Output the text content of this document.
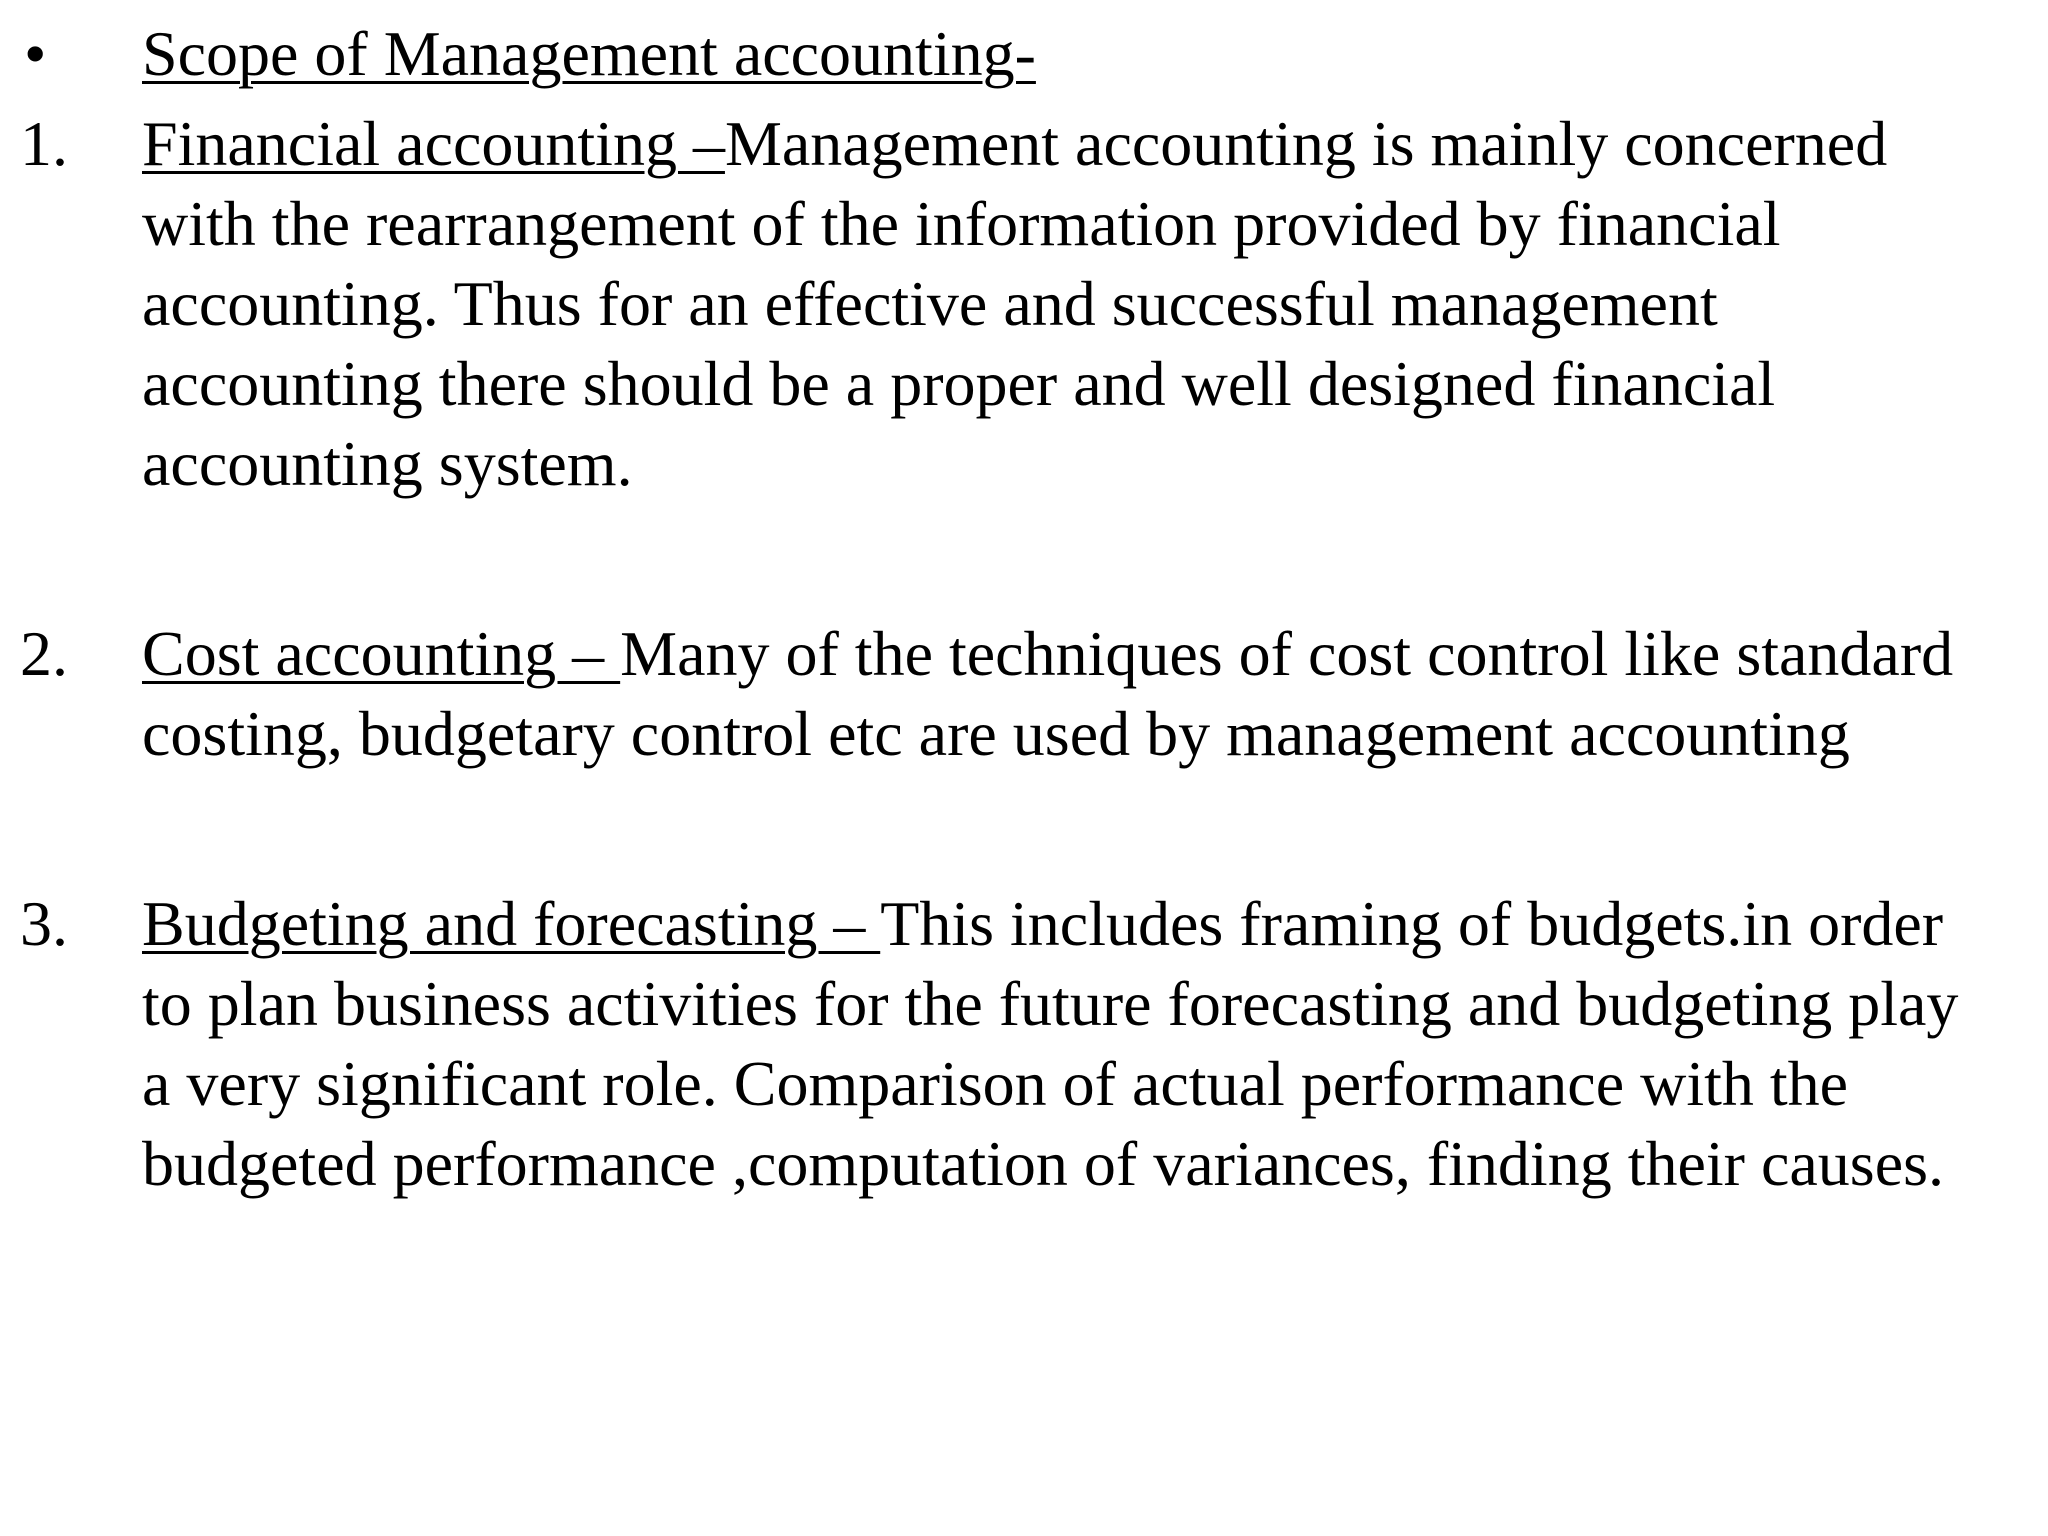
• Scope of Management accounting-
1. Financial accounting –Management accounting is mainly concerned
with the rearrangement of the information provided by financial
accounting. Thus for an effective and successful management
accounting there should be a proper and well designed financial
accounting system.
2. Cost accounting – Many of the techniques of cost control like standard
costing, budgetary control etc are used by management accounting
3. Budgeting and forecasting – This includes framing of budgets.in order
to plan business activities for the future forecasting and budgeting play
a very significant role. Comparison of actual performance with the
budgeted performance ,computation of variances, finding their causes.
